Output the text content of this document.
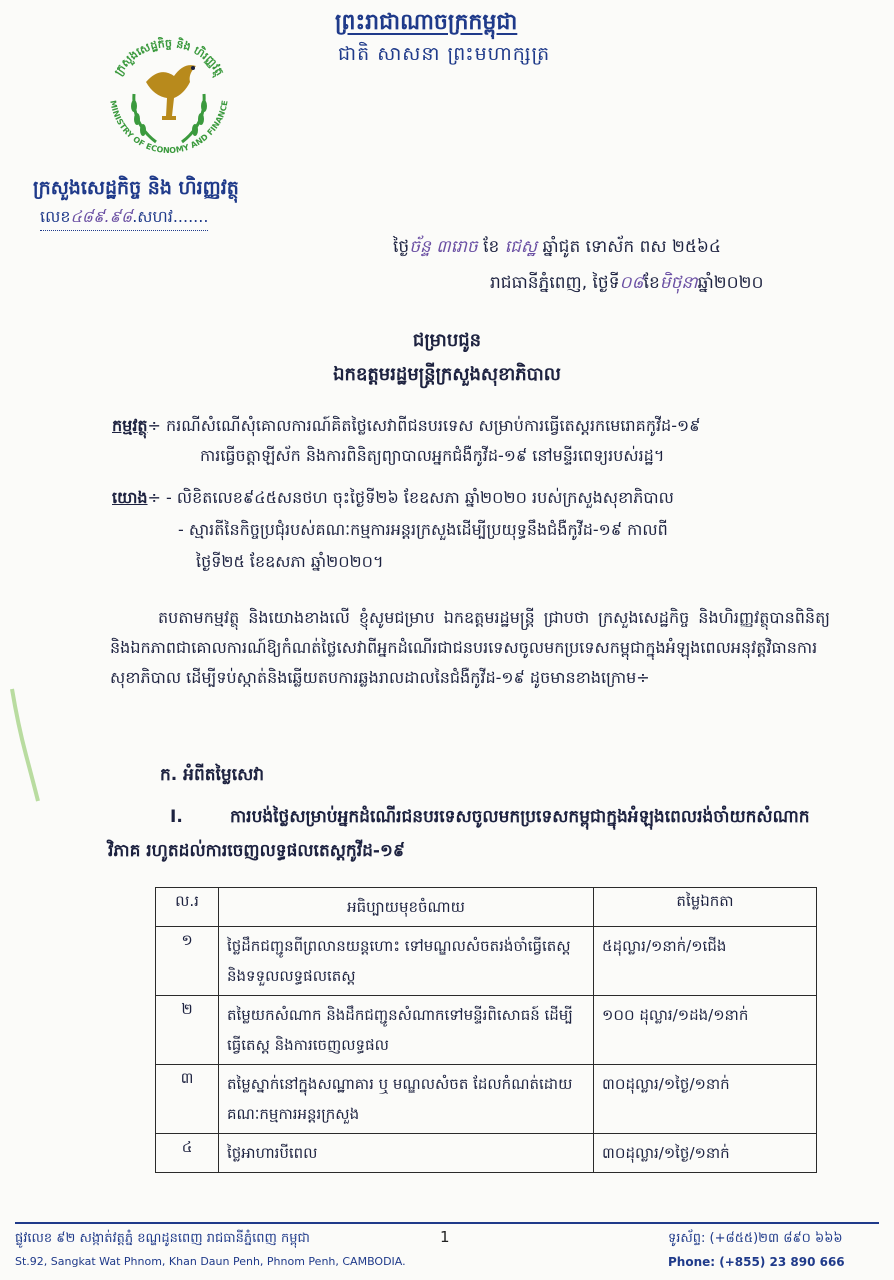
ព្រះរាជាណាចក្រកម្ពុជា
ជាតិ សាសនា ព្រះមហាក្សត្រ
ក្រសួងសេដ្ឋកិច្ច និង ហិរញ្ញវត្ថុ
MINISTRY OF ECONOMY AND FINANCE
ក្រសួងសេដ្ឋកិច្ច និង ហិរញ្ញវត្ថុ
លេខ៤៨៩.៩៨.សហវ.......
ថ្ងៃច័ន្ទ ៣រោច ខែ ជេស្ឋ ឆ្នាំជូត ទោស័ក ពស ២៥៦៤
រាជធានីភ្នំពេញ, ថ្ងៃទី០៨ខែមិថុនាឆ្នាំ២០២០
ជម្រាបជូន
ឯកឧត្តមរដ្ឋមន្ត្រីក្រសួងសុខាភិបាល
កម្មវត្ថុ÷ ករណីសំណើសុំគោលការណ៍គិតថ្លៃសេវាពីជនបរទេស សម្រាប់ការធ្វើតេស្តរកមេរោគកូវីដ-១៩
ការធ្វើចត្តាឡីស័ក និងការពិនិត្យព្យាបាលអ្នកជំងឺកូវីដ-១៩ នៅមន្ទីរពេទ្យរបស់រដ្ឋ។
យោង÷ - លិខិតលេខ៩៤៥សនថហ ចុះថ្ងៃទី២៦ ខែឧសភា ឆ្នាំ២០២០ របស់ក្រសួងសុខាភិបាល
- ស្មារតីនៃកិច្ចប្រជុំរបស់គណៈកម្មការអន្តរក្រសួងដើម្បីប្រយុទ្ធនឹងជំងឺកូវីដ-១៩ កាលពី
ថ្ងៃទី២៥ ខែឧសភា ឆ្នាំ២០២០។
តបតាមកម្មវត្ថុ និងយោងខាងលើ ខ្ញុំសូមជម្រាប ឯកឧត្តមរដ្ឋមន្ត្រី ជ្រាបថា ក្រសួងសេដ្ឋកិច្ច និងហិរញ្ញវត្ថុបានពិនិត្យ និងឯកភាពជាគោលការណ៍ឱ្យកំណត់ថ្លៃសេវាពីអ្នកដំណើរជាជនបរទេសចូលមកប្រទេសកម្ពុជាក្នុងអំឡុងពេលអនុវត្តវិធានការសុខាភិបាល ដើម្បីទប់ស្កាត់និងឆ្លើយតបការឆ្លងរាលដាលនៃជំងឺកូវីដ-១៩ ដូចមានខាងក្រោម÷
ក. អំពីតម្លៃសេវា
I.	ការបង់ថ្លៃសម្រាប់អ្នកដំណើរជនបរទេសចូលមកប្រទេសកម្ពុជាក្នុងអំឡុងពេលរង់ចាំយកសំណាកវិភាគ រហូតដល់ការចេញលទ្ធផលតេស្តកូវីដ-១៩
ល.រ	អធិប្បាយមុខចំណាយ	តម្លៃឯកតា
១	ថ្លៃដឹកជញ្ជូនពីព្រលានយន្តហោះ ទៅមណ្ឌលសំចតរង់ចាំធ្វើតេស្ត និងទទួលលទ្ធផលតេស្ត	៥ដុល្លារ/១នាក់/១ជើង
២	តម្លៃយកសំណាក និងដឹកជញ្ជូនសំណាកទៅមន្ទីរពិសោធន៍ ដើម្បីធ្វើតេស្ត និងការចេញលទ្ធផល	១០០ ដុល្លារ/១ដង/១នាក់
៣	តម្លៃស្នាក់នៅក្នុងសណ្ឋាគារ ឬ មណ្ឌលសំចត ដែលកំណត់ដោយគណៈកម្មការអន្តរក្រសួង	៣០ដុល្លារ/១ថ្ងៃ/១នាក់
៤	ថ្លៃអាហារបីពេល	៣០ដុល្លារ/១ថ្ងៃ/១នាក់
ផ្លូវលេខ ៩២ សង្កាត់វត្តភ្នំ ខណ្ឌដូនពេញ រាជធានីភ្នំពេញ កម្ពុជា
St.92, Sangkat Wat Phnom, Khan Daun Penh, Phnom Penh, CAMBODIA.
1	ទូរស័ព្ទ: (+៨៥៥)២៣ ៨៩០ ៦៦៦
Phone: (+855) 23 890 666
